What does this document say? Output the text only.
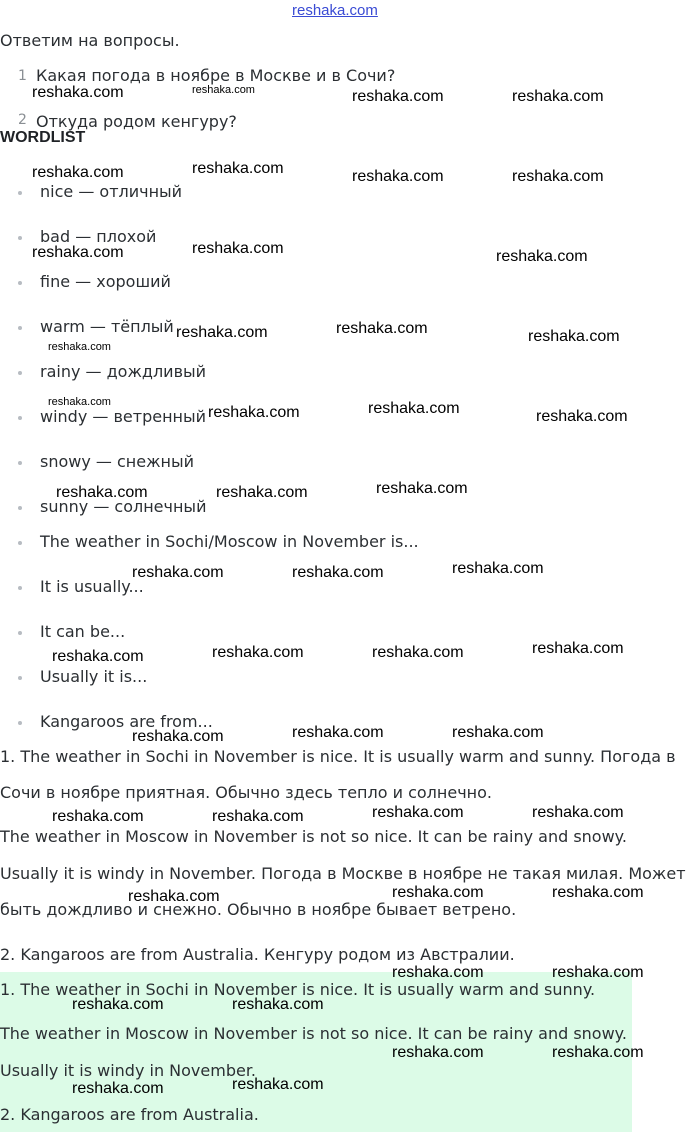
reshaka.com
Ответим на вопросы.
1 Какая погода в ноябре в Москве и в Сочи?
2 Откуда родом кенгуру?
WORDLIST
nice — отличный
bad — плохой
fine — хороший
warm — тёплый
rainy — дождливый
windy — ветренный
snowy — снежный
sunny — солнечный
The weather in Sochi/Moscow in November is...
It is usually...
It can be...
Usually it is...
Kangaroos are from...
1. The weather in Sochi in November is nice. It is usually warm and sunny. Погода в
Сочи в ноябре приятная. Обычно здесь тепло и солнечно.
The weather in Moscow in November is not so nice. It can be rainy and snowy.
Usually it is windy in November. Погода в Москве в ноябре не такая милая. Может
быть дождливо и снежно. Обычно в ноябре бывает ветрено.
2. Kangaroos are from Australia. Кенгуру родом из Австралии.
1. The weather in Sochi in November is nice. It is usually warm and sunny.
The weather in Moscow in November is not so nice. It can be rainy and snowy.
Usually it is windy in November.
2. Kangaroos are from Australia.
reshaka.com	reshaka.com	reshaka.com	reshaka.com
reshaka.com	reshaka.com	reshaka.com	reshaka.com
reshaka.com	reshaka.com	reshaka.com
reshaka.com
reshaka.com	reshaka.com	reshaka.com
reshaka.com
reshaka.com	reshaka.com	reshaka.com
reshaka.com	reshaka.com	reshaka.com
reshaka.com	reshaka.com	reshaka.com
reshaka.com	reshaka.com	reshaka.com	reshaka.com
reshaka.com	reshaka.com	reshaka.com
reshaka.com	reshaka.com	reshaka.com	reshaka.com
reshaka.com	reshaka.com	reshaka.com
reshaka.com	reshaka.com
reshaka.com	reshaka.com
reshaka.com	reshaka.com
reshaka.com	reshaka.com
